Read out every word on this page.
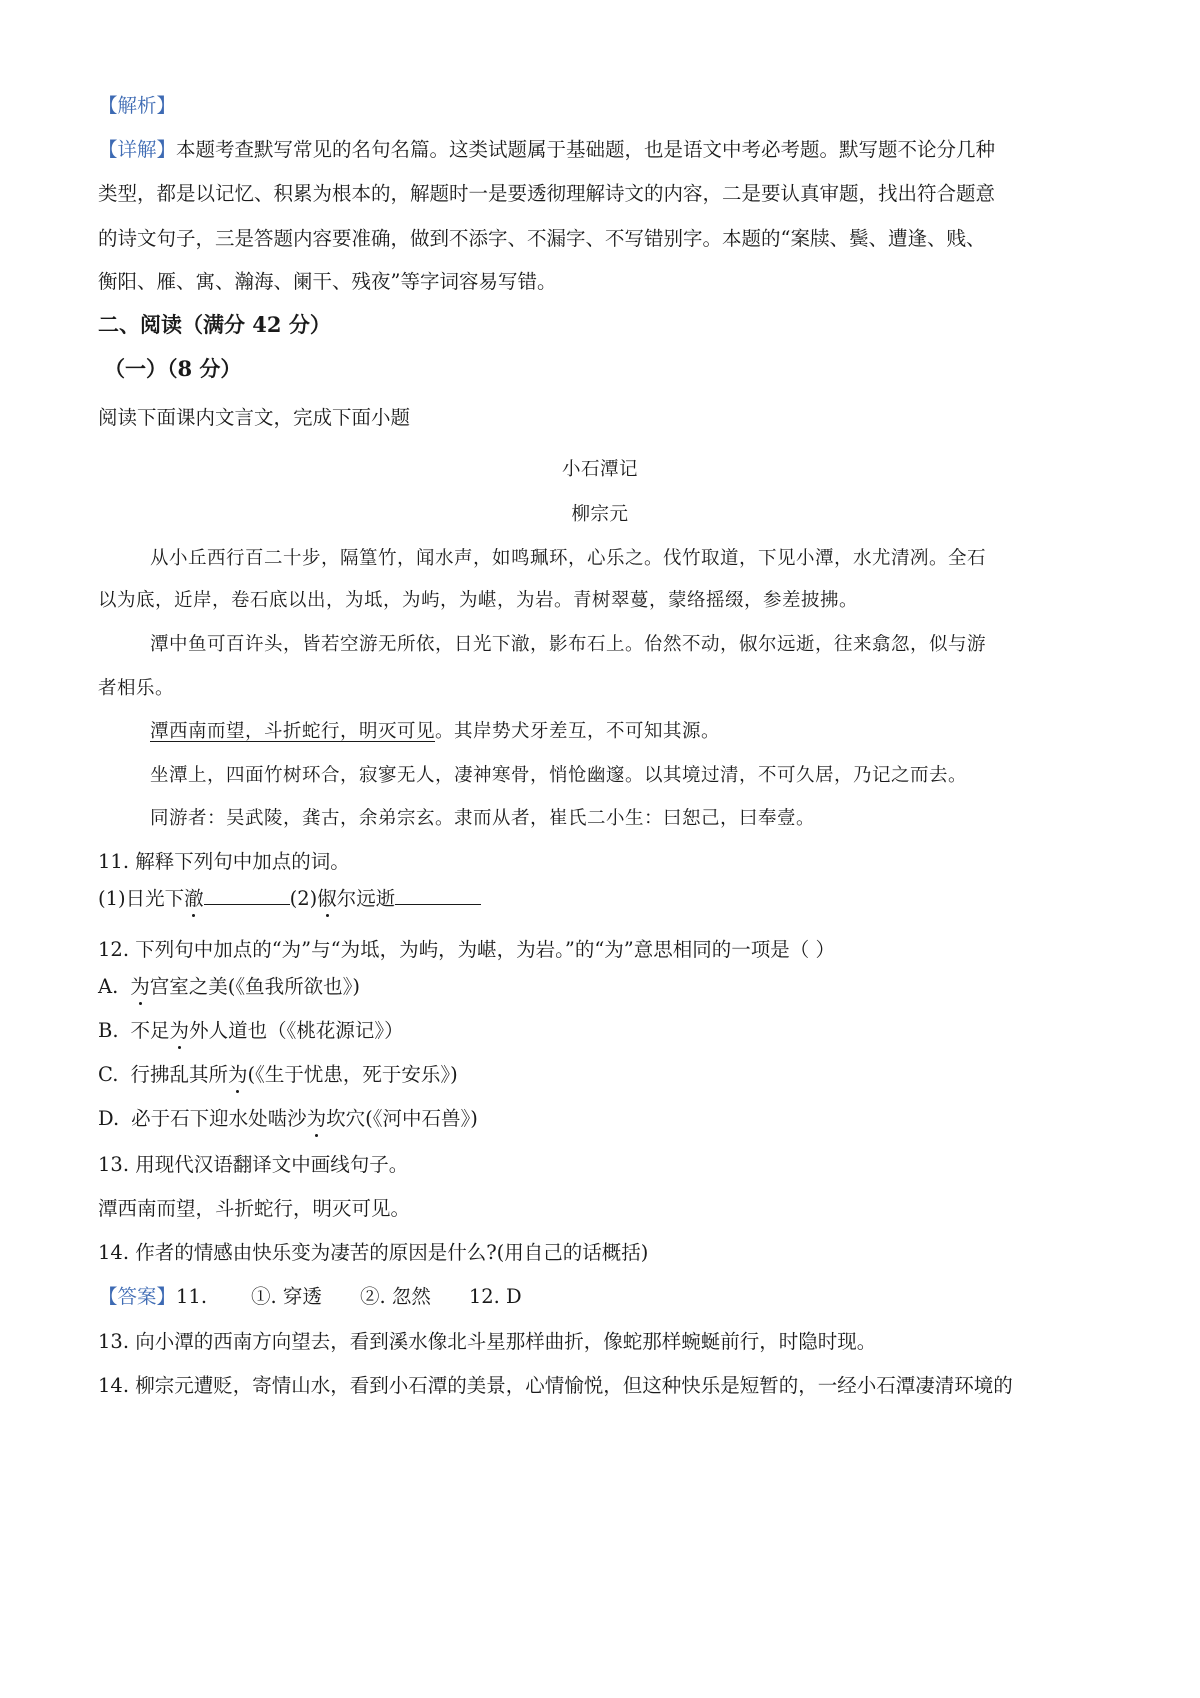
【解析】
【详解】本题考查默写常见的名句名篇。这类试题属于基础题，也是语文中考必考题。默写题不论分几种
类型，都是以记忆、积累为根本的，解题时一是要透彻理解诗文的内容，二是要认真审题，找出符合题意
的诗文句子，三是答题内容要准确，做到不添字、不漏字、不写错别字。本题的“案牍、鬓、遭逢、贱、
衡阳、雁、寓、瀚海、阑干、残夜”等字词容易写错。
二、阅读（满分 42 分）
（一）（8 分）
阅读下面课内文言文，完成下面小题
小石潭记
柳宗元
从小丘西行百二十步，隔篁竹，闻水声，如鸣珮环，心乐之。伐竹取道，下见小潭，水尤清冽。全石
以为底，近岸，卷石底以出，为坻，为屿，为嵁，为岩。青树翠蔓，蒙络摇缀，参差披拂。
潭中鱼可百许头，皆若空游无所依，日光下澈，影布石上。佁然不动，俶尔远逝，往来翕忽，似与游
者相乐。
潭西南而望，斗折蛇行，明灭可见。其岸势犬牙差互，不可知其源。
坐潭上，四面竹树环合，寂寥无人，凄神寒骨，悄怆幽邃。以其境过清，不可久居，乃记之而去。
同游者：吴武陵，龚古，余弟宗玄。隶而从者，崔氏二小生：曰恕己，曰奉壹。
11. 解释下列句中加点的词。
(1)日光下澈	(2)俶尔远逝
12. 下列句中加点的“为”与“为坻，为屿，为嵁，为岩。”的“为”意思相同的一项是（ ）
A. 为宫室之美(《鱼我所欲也》)
B. 不足为外人道也（《桃花源记》）
C. 行拂乱其所为(《生于忧患，死于安乐》)
D. 必于石下迎水处啮沙为坎穴(《河中石兽》)
13. 用现代汉语翻译文中画线句子。
潭西南而望，斗折蛇行，明灭可见。
14. 作者的情感由快乐变为凄苦的原因是什么?(用自己的话概括)
【答案】11. ①. 穿透 ②. 忽然 12. D
13. 向小潭的西南方向望去，看到溪水像北斗星那样曲折，像蛇那样蜿蜒前行，时隐时现。
14. 柳宗元遭贬，寄情山水，看到小石潭的美景，心情愉悦，但这种快乐是短暂的，一经小石潭凄清环境的
